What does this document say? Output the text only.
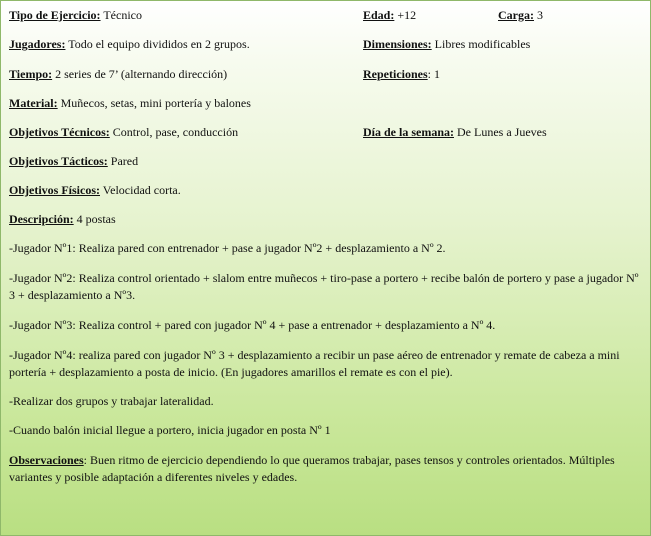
Tipo de Ejercicio: Técnico	Edad: +12	Carga: 3
Jugadores: Todo el equipo divididos en 2 grupos.	Dimensiones: Libres modificables
Tiempo: 2 series de 7’ (alternando dirección)	Repeticiones: 1
Material: Muñecos, setas, mini portería y balones
Objetivos Técnicos: Control, pase, conducción	Día de la semana: De Lunes a Jueves
Objetivos Tácticos: Pared
Objetivos Físicos: Velocidad corta.
Descripción: 4 postas
-Jugador Nº1: Realiza pared con entrenador + pase a jugador Nº2 + desplazamiento a Nº 2.
-Jugador Nº2: Realiza control orientado + slalom entre muñecos + tiro-pase a portero + recibe balón de portero y pase a jugador Nº 3 + desplazamiento a Nº3.
-Jugador Nº3: Realiza control + pared con jugador Nº 4 + pase a entrenador + desplazamiento a Nº 4.
-Jugador Nº4: realiza pared con jugador Nº 3 + desplazamiento a recibir un pase aéreo de entrenador y remate de cabeza a mini portería + desplazamiento a posta de inicio. (En jugadores amarillos el remate es con el pie).
-Realizar dos grupos y trabajar lateralidad.
-Cuando balón inicial llegue a portero, inicia jugador en posta Nº 1
Observaciones: Buen ritmo de ejercicio dependiendo lo que queramos trabajar, pases tensos y controles orientados. Múltiples variantes y posible adaptación a diferentes niveles y edades.
